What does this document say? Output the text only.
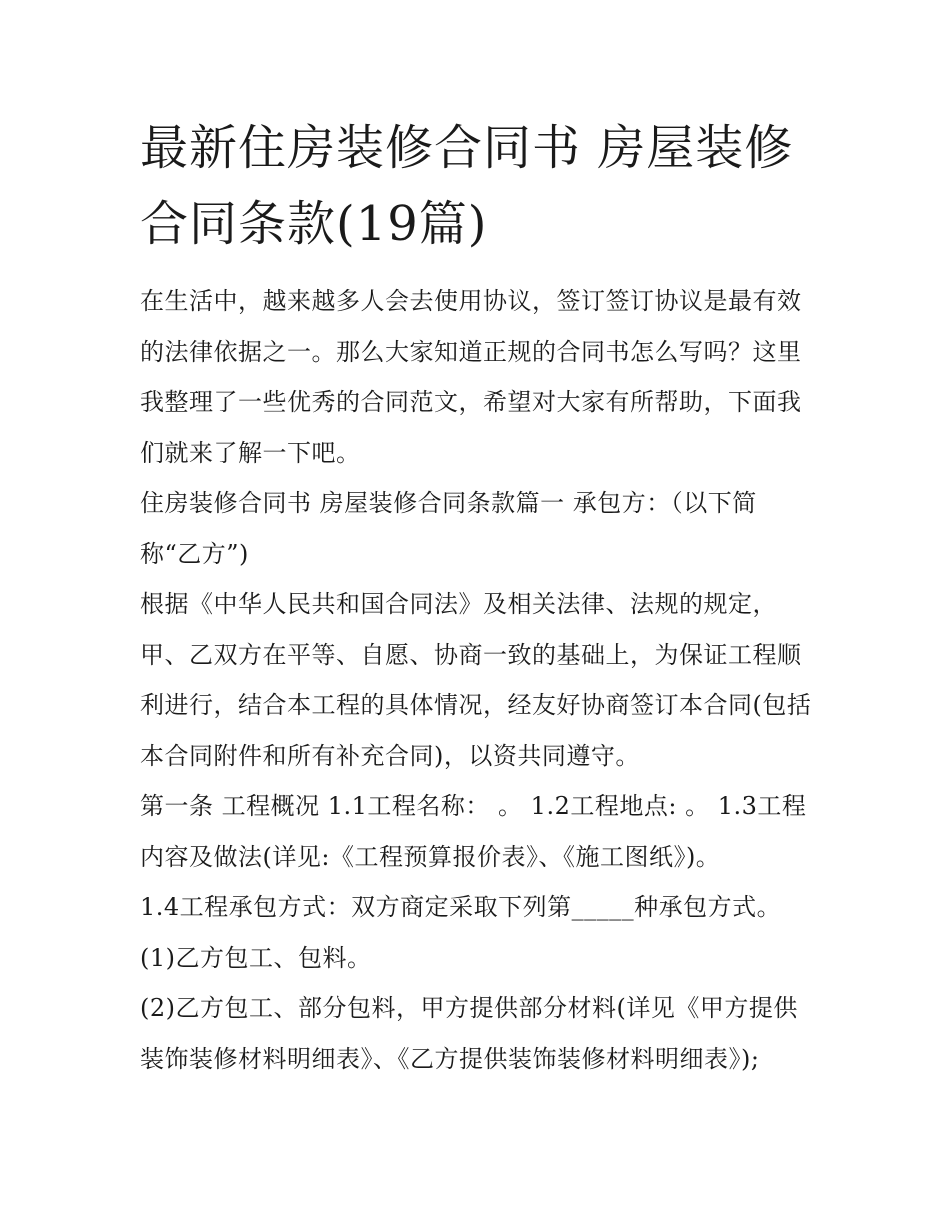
最新住房装修合同书 房屋装修合同条款(19篇)

在生活中，越来越多人会去使用协议，签订签订协议是最有效的法律依据之一。那么大家知道正规的合同书怎么写吗？这里我整理了一些优秀的合同范文，希望对大家有所帮助，下面我们就来了解一下吧。

住房装修合同书 房屋装修合同条款篇一 承包方：（以下简称“乙方”)

根据《中华人民共和国合同法》及相关法律、法规的规定，甲、乙双方在平等、自愿、协商一致的基础上，为保证工程顺利进行，结合本工程的具体情况，经友好协商签订本合同(包括本合同附件和所有补充合同)，以资共同遵守。

第一条 工程概况 1.1工程名称： 。 1.2工程地点: 。 1.3工程内容及做法(详见:《工程预算报价表》、《施工图纸》)。

1.4工程承包方式：双方商定采取下列第_____种承包方式。 (1)乙方包工、包料。

(2)乙方包工、部分包料，甲方提供部分材料(详见《甲方提供装饰装修材料明细表》、《乙方提供装饰装修材料明细表》);
